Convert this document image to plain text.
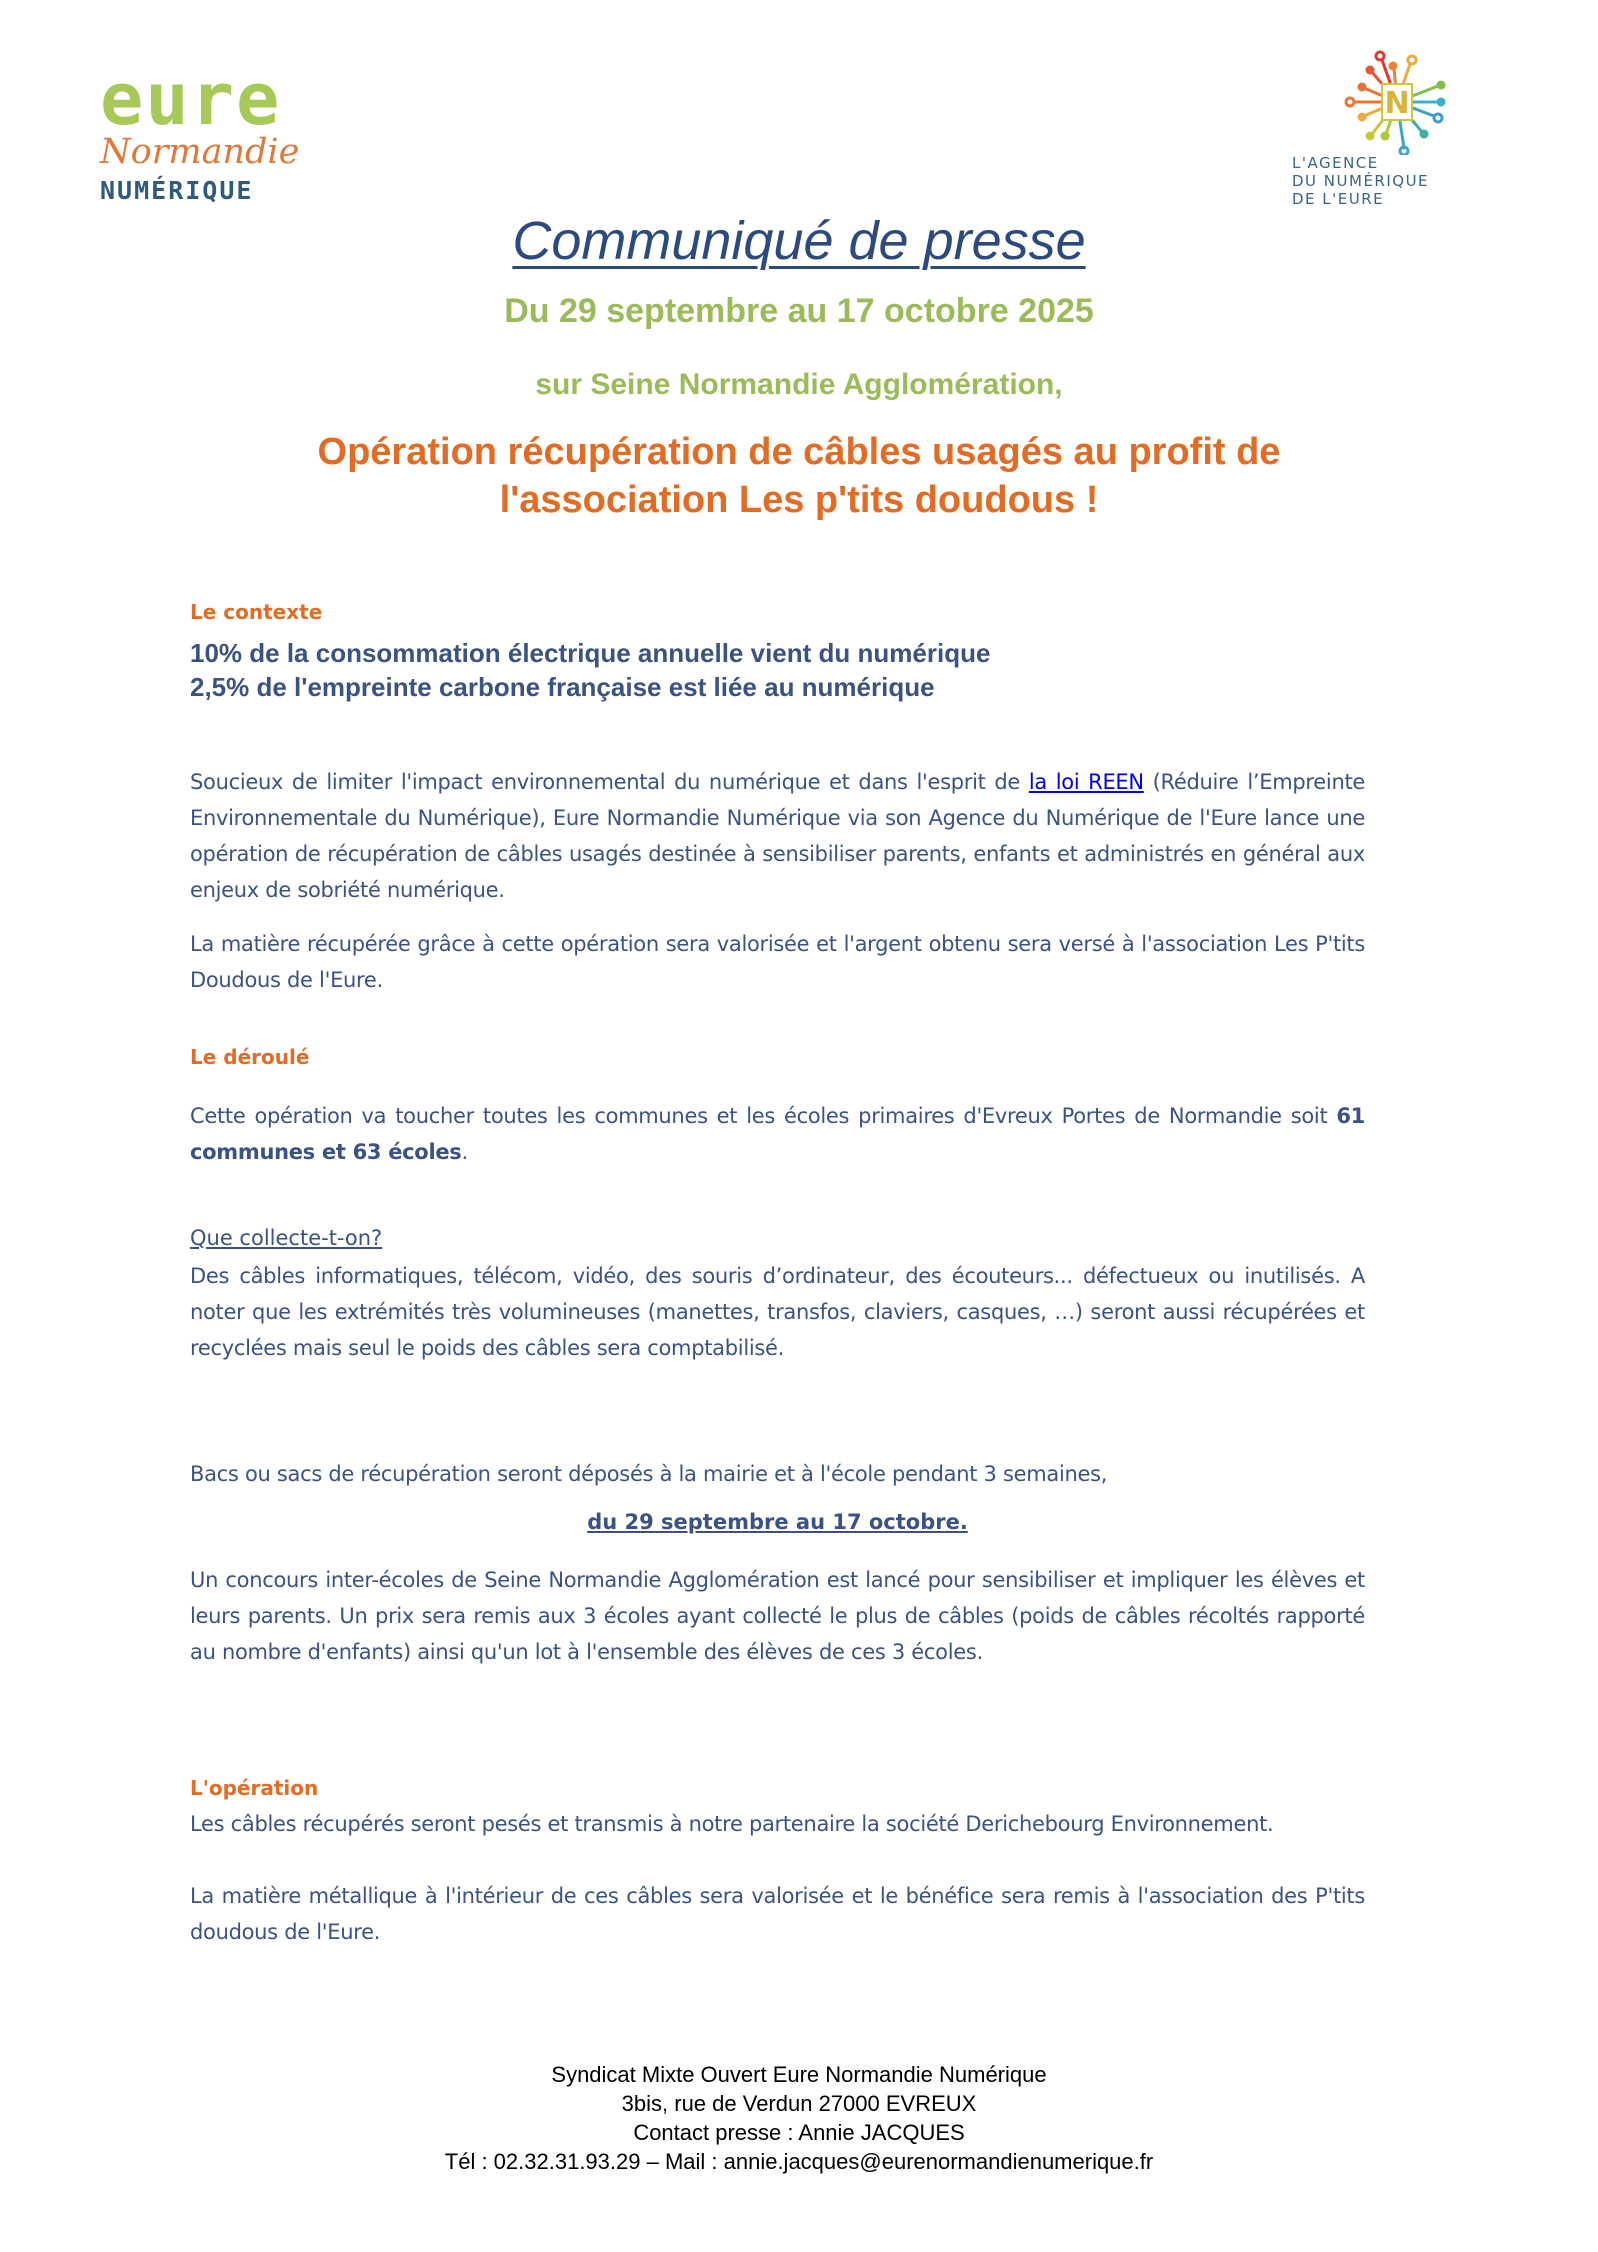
eure
Normandie
NUMÉRIQUE
N
L'AGENCE
DU NUMÉRIQUE
DE L'EURE
Communiqué de presse
Du 29 septembre au 17 octobre 2025
sur Seine Normandie Agglomération,
Opération récupération de câbles usagés au profit de
l'association Les p'tits doudous !
Le contexte
10% de la consommation électrique annuelle vient du numérique
2,5% de l'empreinte carbone française est liée au numérique
Soucieux de limiter l'impact environnemental du numérique et dans l'esprit de la loi REEN (Réduire l’Empreinte Environnementale du Numérique), Eure Normandie Numérique via son Agence du Numérique de l'Eure lance une opération de récupération de câbles usagés destinée à sensibiliser parents, enfants et administrés en général aux enjeux de sobriété numérique.
La matière récupérée grâce à cette opération sera valorisée et l'argent obtenu sera versé à l'association Les P'tits Doudous de l'Eure.
Le déroulé
Cette opération va toucher toutes les communes et les écoles primaires d'Evreux Portes de Normandie soit 61 communes et 63 écoles.
Que collecte-t-on?
Des câbles informatiques, télécom, vidéo, des souris d’ordinateur, des écouteurs... défectueux ou inutilisés. A noter que les extrémités très volumineuses (manettes, transfos, claviers, casques, …) seront aussi récupérées et recyclées mais seul le poids des câbles sera comptabilisé.
Bacs ou sacs de récupération seront déposés à la mairie et à l'école pendant 3 semaines,
du 29 septembre au 17 octobre.
Un concours inter-écoles de Seine Normandie Agglomération est lancé pour sensibiliser et impliquer les élèves et leurs parents. Un prix sera remis aux 3 écoles ayant collecté le plus de câbles (poids de câbles récoltés rapporté au nombre d'enfants) ainsi qu'un lot à l'ensemble des élèves de ces 3 écoles.
L'opération
Les câbles récupérés seront pesés et transmis à notre partenaire la société Derichebourg Environnement.
La matière métallique à l'intérieur de ces câbles sera valorisée et le bénéfice sera remis à l'association des P'tits doudous de l'Eure.
Syndicat Mixte Ouvert Eure Normandie Numérique
3bis, rue de Verdun 27000 EVREUX
Contact presse : Annie JACQUES
Tél : 02.32.31.93.29 – Mail : annie.jacques@eurenormandienumerique.fr
